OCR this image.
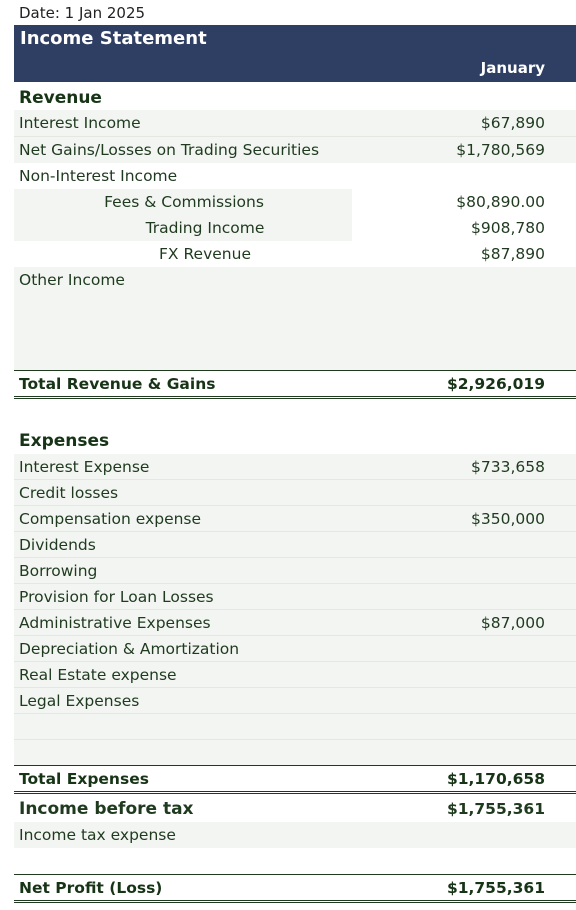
Date: 1 Jan 2025
Income Statement
January
Revenue
Interest Income	$67,890
Net Gains/Losses on Trading Securities	$1,780,569
Non-Interest Income
Fees & Commissions	$80,890.00
Trading Income	$908,780
FX Revenue	$87,890
Other Income
Total Revenue & Gains	$2,926,019
Expenses
Interest Expense	$733,658
Credit losses
Compensation expense	$350,000
Dividends
Borrowing
Provision for Loan Losses
Administrative Expenses	$87,000
Depreciation & Amortization
Real Estate expense
Legal Expenses
Total Expenses	$1,170,658
Income before tax	$1,755,361
Income tax expense
Net Profit (Loss)	$1,755,361
